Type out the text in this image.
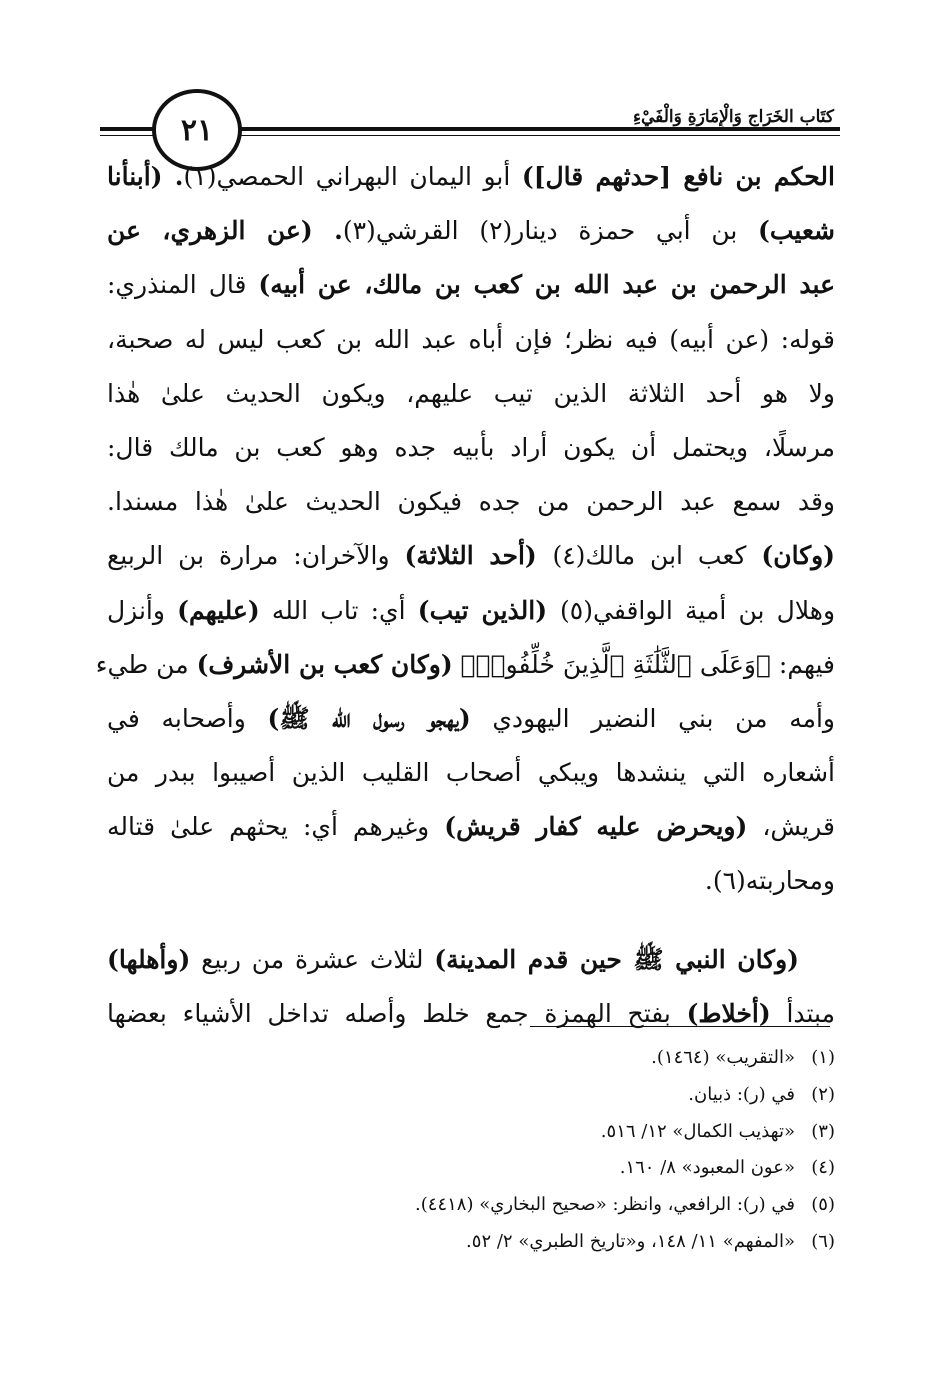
٢١	كتَاب الخَرَاجِ وَالْإِمَارَةِ وَالْفَيْءِ
الحكم بن نافع [حدثهم قال]) أبو اليمان البهراني الحمصي(١). (أبنأنا
شعيب) بن أبي حمزة دينار(٢) القرشي(٣). (عن الزهري، عن
عبد الرحمن بن عبد الله بن كعب بن مالك، عن أبيه) قال المنذري:
قوله: (عن أبيه) فيه نظر؛ فإن أباه عبد الله بن كعب ليس له صحبة،
ولا هو أحد الثلاثة الذين تيب عليهم، ويكون الحديث علىٰ هٰذا
مرسلًا، ويحتمل أن يكون أراد بأبيه جده وهو كعب بن مالك قال:
وقد سمع عبد الرحمن من جده فيكون الحديث علىٰ هٰذا مسندا.
(وكان) كعب ابن مالك(٤) (أحد الثلاثة) والآخران: مرارة بن الربيع
وهلال بن أمية الواقفي(٥) (الذين تيب) أي: تاب الله (عليهم) وأنزل
فيهم: ﴿وَعَلَى ٱلثَّلَٰثَةِ ٱلَّذِينَ خُلِّفُوا۟﴾ (وكان كعب بن الأشرف) من طيء
وأمه من بني النضير اليهودي (يهجو رسول الله ﷺ) وأصحابه في
أشعاره التي ينشدها ويبكي أصحاب القليب الذين أصيبوا ببدر من
قريش، (ويحرض عليه كفار قريش) وغيرهم أي: يحثهم علىٰ قتاله
ومحاربته(٦).
(وكان النبي ﷺ حين قدم المدينة) لثلاث عشرة من ربيع (وأهلها)
مبتدأ (أخلاط) بفتح الهمزة جمع خلط وأصله تداخل الأشياء بعضها
(١)«التقريب» (١٤٦٤).
(٢)في (ر): ذبيان.
(٣)«تهذيب الكمال» ١٢/ ٥١٦.
(٤)«عون المعبود» ٨/ ١٦٠.
(٥)في (ر): الرافعي، وانظر: «صحيح البخاري» (٤٤١٨).
(٦)«المفهم» ١١/ ١٤٨، و«تاريخ الطبري» ٢/ ٥٢.
